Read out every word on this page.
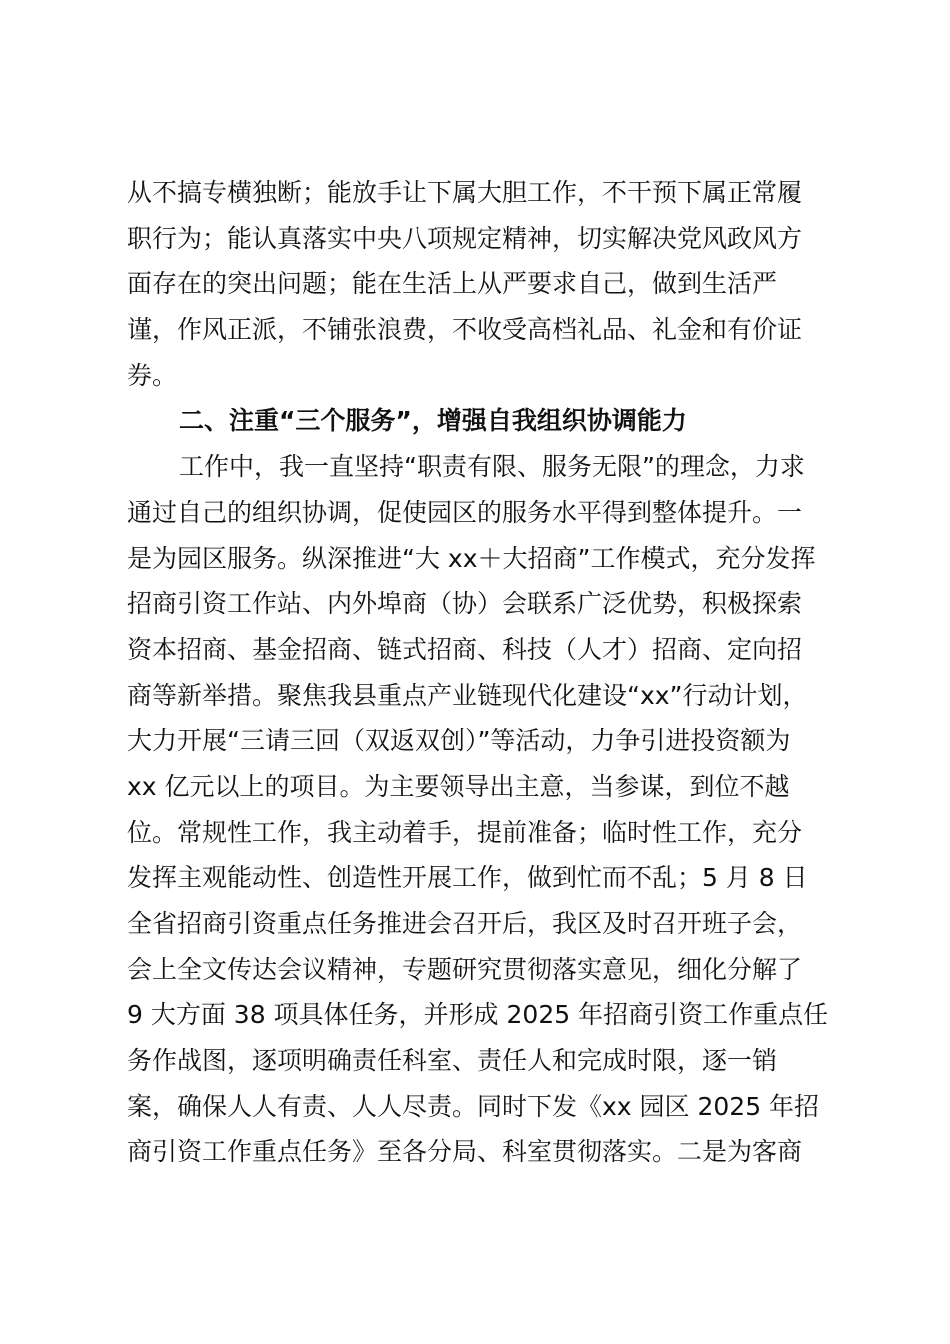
从不搞专横独断；能放手让下属大胆工作，不干预下属正常履
职行为；能认真落实中央八项规定精神，切实解决党风政风方
面存在的突出问题；能在生活上从严要求自己，做到生活严
谨，作风正派，不铺张浪费，不收受高档礼品、礼金和有价证
券。
二、注重“三个服务”，增强自我组织协调能力
工作中，我一直坚持“职责有限、服务无限”的理念，力求
通过自己的组织协调，促使园区的服务水平得到整体提升。一
是为园区服务。纵深推进“大 xx＋大招商”工作模式，充分发挥
招商引资工作站、内外埠商（协）会联系广泛优势，积极探索
资本招商、基金招商、链式招商、科技（人才）招商、定向招
商等新举措。聚焦我县重点产业链现代化建设“xx”行动计划，
大力开展“三请三回（双返双创）”等活动，力争引进投资额为
xx 亿元以上的项目。为主要领导出主意，当参谋，到位不越
位。常规性工作，我主动着手，提前准备；临时性工作，充分
发挥主观能动性、创造性开展工作，做到忙而不乱；5 月 8 日
全省招商引资重点任务推进会召开后，我区及时召开班子会，
会上全文传达会议精神，专题研究贯彻落实意见，细化分解了
9 大方面 38 项具体任务，并形成 2025 年招商引资工作重点任
务作战图，逐项明确责任科室、责任人和完成时限，逐一销
案，确保人人有责、人人尽责。同时下发《xx 园区 2025 年招
商引资工作重点任务》至各分局、科室贯彻落实。二是为客商
